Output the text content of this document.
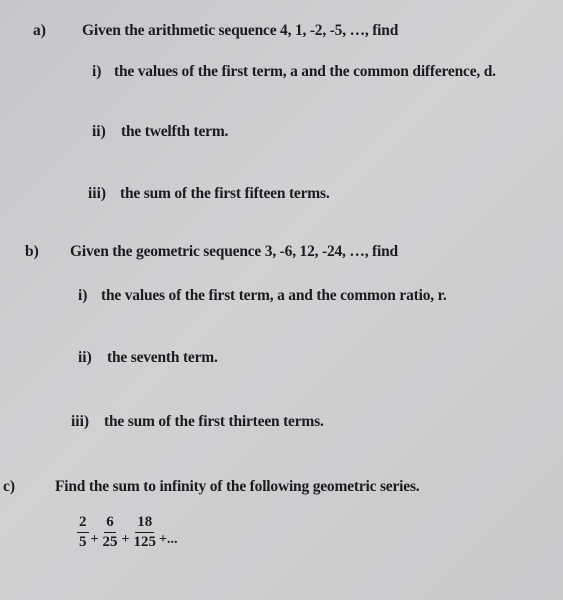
a) Given the arithmetic sequence 4, 1, -2, -5, …, find
i) the values of the first term, a and the common difference, d.
ii) the twelfth term.
iii) the sum of the first fifteen terms.
b) Given the geometric sequence 3, -6, 12, -24, …, find
i) the values of the first term, a and the common ratio, r.
ii) the seventh term.
iii) the sum of the first thirteen terms.
c)	Find the sum to infinity of the following geometric series.
$\frac{2}{5} + \frac{6}{25} + \frac{18}{125}$ +...
